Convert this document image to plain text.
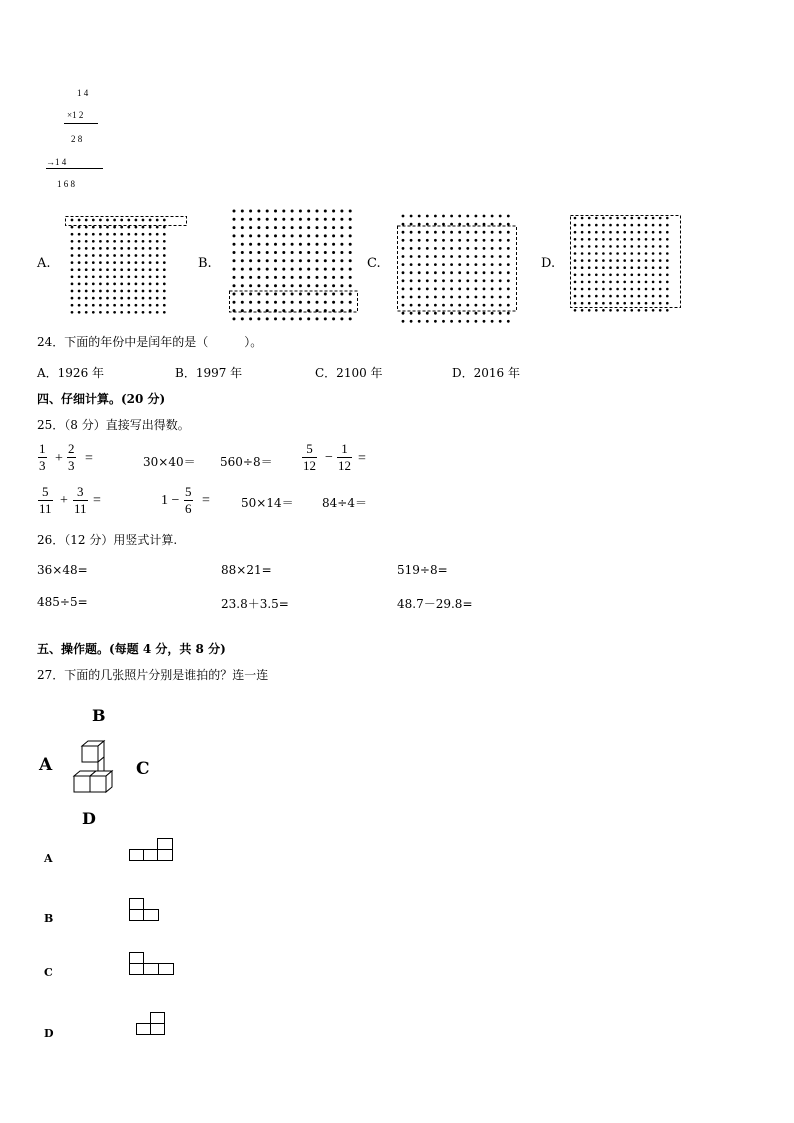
1 4
×1 2
2 8
→1 4
1 6 8
A.	B.	C.	D.
24．下面的年份中是闰年的是（　　　）。
A．1926 年	B．1997 年	C．2100 年	D．2016 年
四、仔细计算。(20 分)
25．（8 分）直接写出得数。
$\frac{1}{3} + \frac{2}{3}$ =	$30\times 40= 560\div 8= \frac{5}{12} - \frac{1}{12}$ =
$\frac{5}{11} + \frac{3}{11}$ =	$1 - \frac{5}{6}$ =	50×14＝ 84÷4＝
26．（12 分）用竖式计算.
36×48=	88×21=	519÷8=
485÷5=	23.8＋3.5=	48.7－29.8=
五、操作题。(每题 4 分，共 8 分)
27．下面的几张照片分别是谁拍的？连一连
B
A	C
D
A
B
C
D
